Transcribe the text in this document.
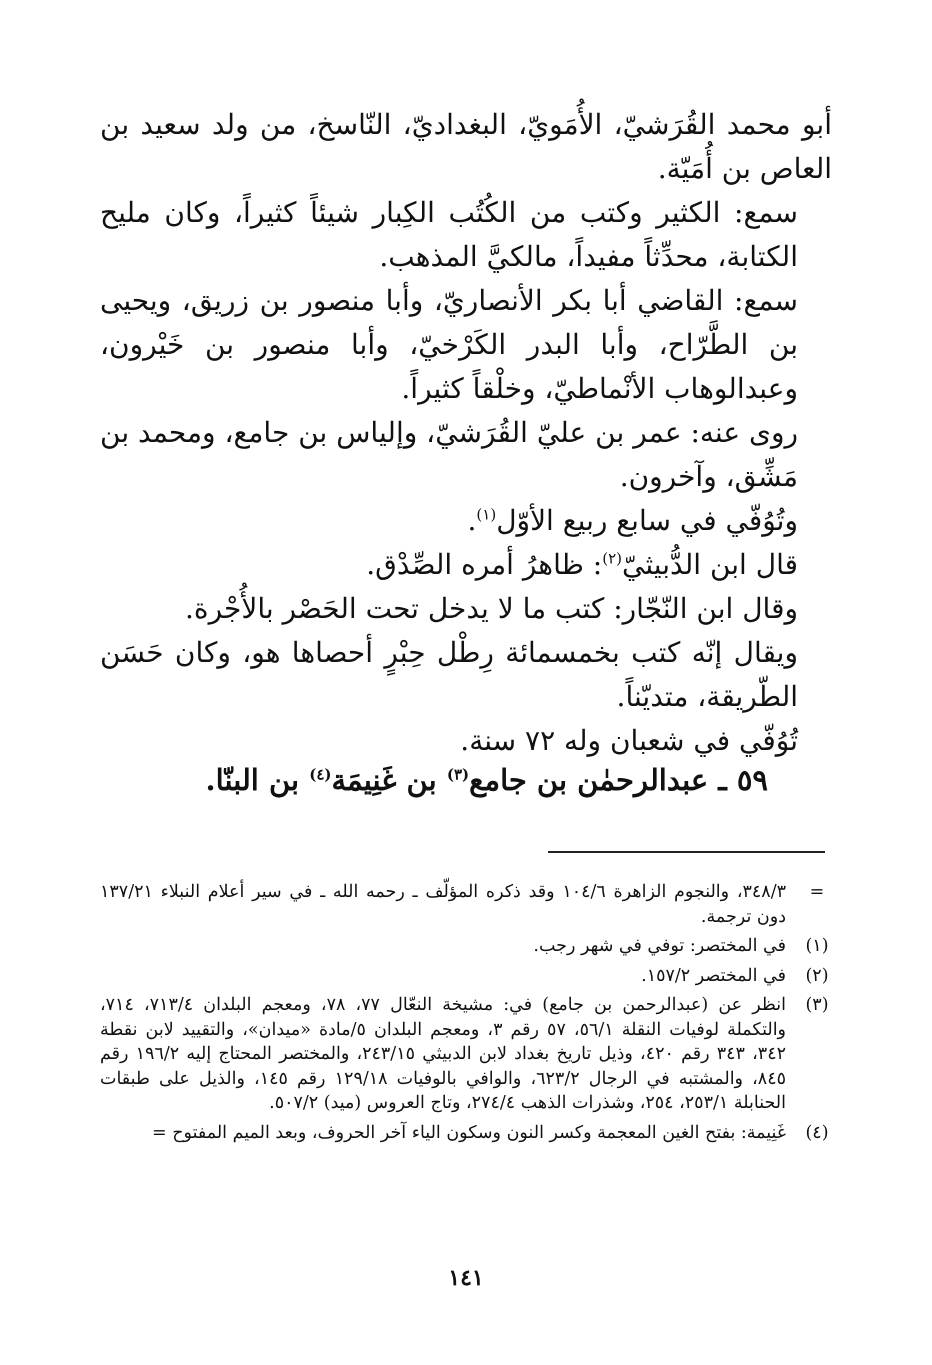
أبو محمد القُرَشيّ، الأُمَويّ، البغداديّ، النّاسخ، من ولد سعيد بن العاص بن أُمَيّة.

سمع: الكثير وكتب من الكُتُب الكِبار شيئاً كثيراً، وكان مليح الكتابة، محدِّثاً مفيداً، مالكيَّ المذهب.

سمع: القاضي أبا بكر الأنصاريّ، وأبا منصور بن زريق، ويحيى بن الطَّرّاح، وأبا البدر الكَرْخيّ، وأبا منصور بن خَيْرون، وعبدالوهاب الأنْماطيّ، وخلْقاً كثيراً.

روى عنه: عمر بن عليّ القُرَشيّ، وإلياس بن جامع، ومحمد بن مَشِّق، وآخرون.

وتُوُفّي في سابع ربيع الأوّل$^{(١)}$.

قال ابن الدُّبيثيّ$^{(٢)}$: ظاهرُ أمره الصِّدْق.

وقال ابن النّجّار: كتب ما لا يدخل تحت الحَصْر بالأُجْرة.

ويقال إنّه كتب بخمسمائة رِطْل حِبْرٍ أحصاها هو، وكان حَسَن الطّريقة، متديّناً.

تُوُفّي في شعبان وله ٧٢ سنة.

٥٩ ـ عبدالرحمٰن بن جامع$^{(٣)}$ بن غَنِيمَة$^{(٤)}$ بن البنّا.
=
٣٤٨/٣، والنجوم الزاهرة ١٠٤/٦ وقد ذكره المؤلّف ـ رحمه الله ـ في سير أعلام النبلاء ١٣٧/٢١ دون ترجمة.
(١)
في المختصر: توفي في شهر رجب.
(٢)
في المختصر ١٥٧/٢.
(٣)
انظر عن (عبدالرحمن بن جامع) في: مشيخة النعّال ٧٧، ٧٨، ومعجم البلدان ٧١٣/٤، ٧١٤، والتكملة لوفيات النقلة ٥٦/١، ٥٧ رقم ٣، ومعجم البلدان ٥/مادة «ميدان»، والتقييد لابن نقطة ٣٤٢، ٣٤٣ رقم ٤٢٠، وذيل تاريخ بغداد لابن الدبيثي ٢٤٣/١٥، والمختصر المحتاج إليه ١٩٦/٢ رقم ٨٤٥، والمشتبه في الرجال ٦٢٣/٢، والوافي بالوفيات ١٢٩/١٨ رقم ١٤٥، والذيل على طبقات الحنابلة ٢٥٣/١، ٢٥٤، وشذرات الذهب ٢٧٤/٤، وتاج العروس (ميد) ٥٠٧/٢.
(٤)
غَنِيمة: بفتح الغين المعجمة وكسر النون وسكون الياء آخر الحروف، وبعد الميم المفتوح =
١٤١
